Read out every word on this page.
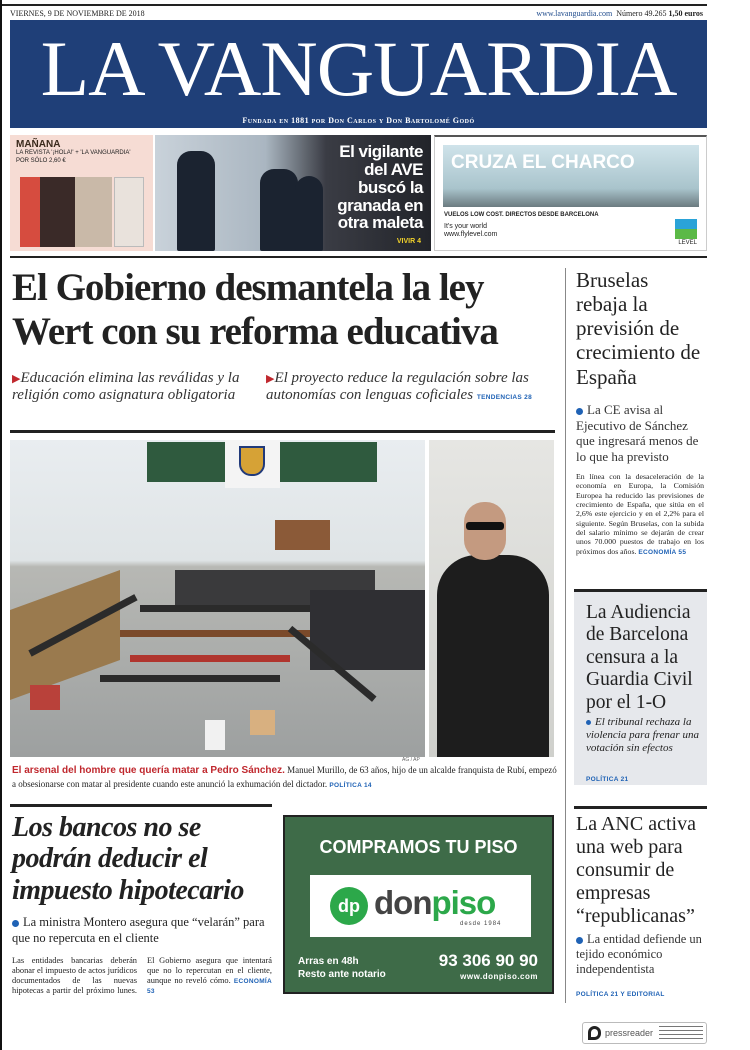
VIERNES, 9 DE NOVIEMBRE DE 2018	www.lavanguardia.com Número 49.265 1,50 euros
LA VANGUARDIA
Fundada en 1881 por Don Carlos y Don Bartolomé Godó
MAÑANA
LA REVISTA '¡HOLA!' + 'LA VANGUARDIA'
POR SÓLO 2,60 €	El vigilante del AVE buscó la granada en otra maleta
VIVIR 4
CRUZA EL CHARCO
VUELOS LOW COST. DIRECTOS DESDE BARCELONA
It's your world
www.flylevel.com
LEVEL
El Gobierno desmantela la ley Wert con su reforma educativa
▶Educación elimina las reválidas y la religión como asignatura obligatoria
▶El proyecto reduce la regulación sobre las autonomías con lenguas coficiales TENDENCIAS 28
AG / AP
El arsenal del hombre que quería matar a Pedro Sánchez. Manuel Murillo, de 63 años, hijo de un alcalde franquista de Rubí, empezó a obsesionarse con matar al presidente cuando este anunció la exhumación del dictador. POLÍTICA 14
Los bancos no se podrán deducir el impuesto hipotecario
La ministra Montero asegura que “velarán” para que no repercuta en el cliente
Las entidades bancarias deberán abonar el impuesto de actos jurídicos documentados de las nuevas hipotecas a partir del próximo lunes. El Gobierno asegura que intentará que no lo repercutan en el cliente, aunque no reveló cómo. ECONOMÍA 53
COMPRAMOS TU PISO
dp donpiso
desde 1984
Arras en 48h
Resto ante notario
93 306 90 90
www.donpiso.com
Bruselas rebaja la previsión de crecimiento de España
La CE avisa al Ejecutivo de Sánchez que ingresará menos de lo que ha previsto
En línea con la desaceleración de la economía en Europa, la Comisión Europea ha reducido las previsiones de crecimiento de España, que sitúa en el 2,6% este ejercicio y en el 2,2% para el siguiente. Según Bruselas, con la subida del salario mínimo se dejarán de crear unos 70.000 puestos de trabajo en los próximos dos años. ECONOMÍA 55
La Audiencia de Barcelona censura a la Guardia Civil por el 1-O
El tribunal rechaza la violencia para frenar una votación sin efectos
POLÍTICA 21
La ANC activa una web para consumir de empresas “republicanas”
La entidad defiende un tejido económico independentista
POLÍTICA 21 Y EDITORIAL
pressreader
